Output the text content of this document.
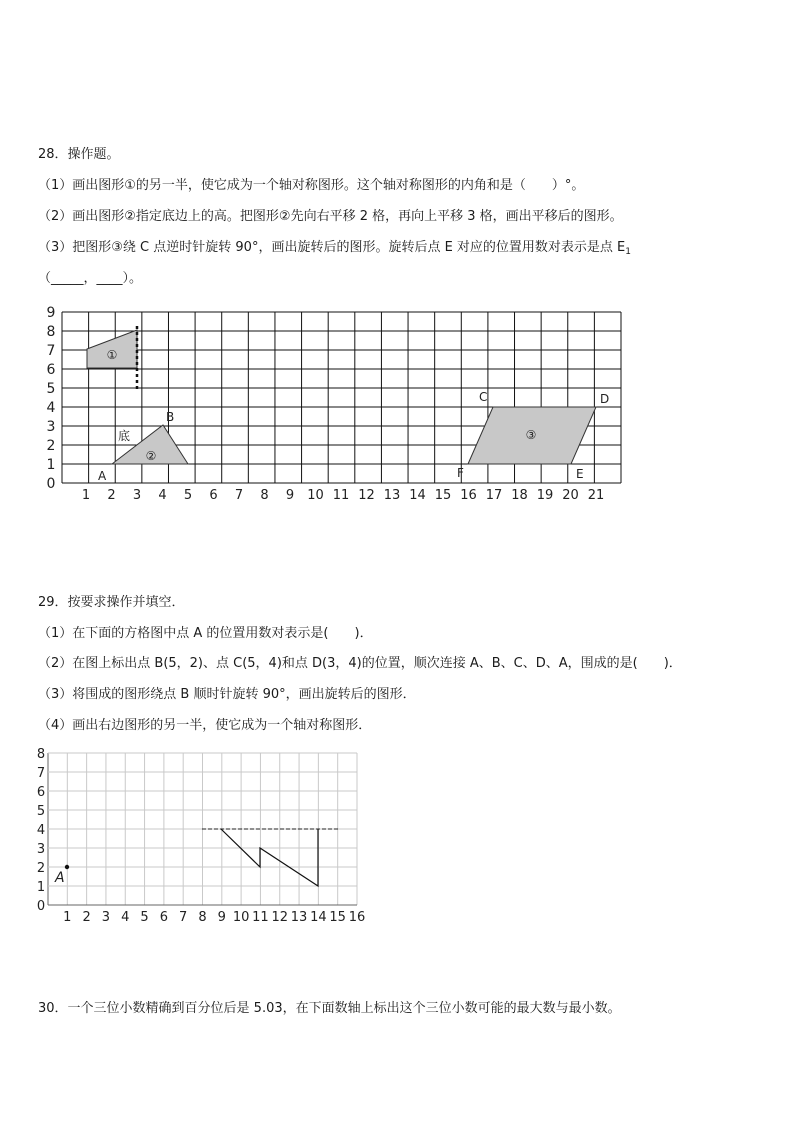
28．操作题。
（1）画出图形①的另一半，使它成为一个轴对称图形。这个轴对称图形的内角和是（　　）°。
（2）画出图形②指定底边上的高。把图形②先向右平移 2 格，再向上平移 3 格，画出平移后的图形。
（3）把图形③绕 C 点逆时针旋转 90°，画出旋转后的图形。旋转后点 E 对应的位置用数对表示是点 $E_1$
（_____，____）。
1 2 3 4 5 6 7 8 9 10 11 12 13 14 15 16 17 18 19 20 21
0
1
2
3
4
5
6
7
8
9
①
②
底
A
B
③
C	D
E
F
29．按要求操作并填空．
（1）在下面的方格图中点 A 的位置用数对表示是(　　)．
（2）在图上标出点 B(5，2)、点 C(5，4)和点 D(3，4)的位置，顺次连接 A、B、C、D、A，围成的是(　　)．
（3）将围成的图形绕点 B 顺时针旋转 90°，画出旋转后的图形．
（4）画出右边图形的另一半，使它成为一个轴对称图形．
1 2 3 4 5 6 7 8 9 10 11 12 13 14 15 16
0
1
2
3
4
5
6
7
8
A
30．一个三位小数精确到百分位后是 5.03，在下面数轴上标出这个三位小数可能的最大数与最小数。
